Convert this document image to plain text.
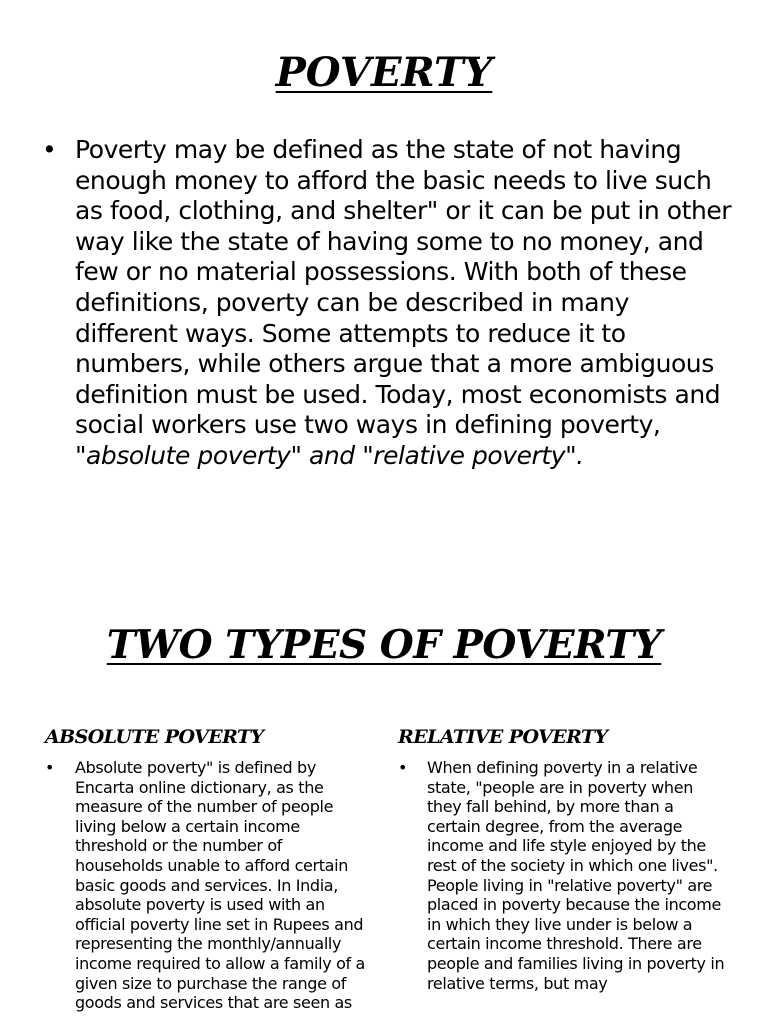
POVERTY
• Poverty may be defined as the state of not having enough money to afford the basic needs to live such as food, clothing, and shelter" or it can be put in other way like the state of having some to no money, and few or no material possessions. With both of these definitions, poverty can be described in many different ways. Some attempts to reduce it to numbers, while others argue that a more ambiguous definition must be used. Today, most economists and social workers use two ways in defining poverty, "absolute poverty" and "relative poverty".
TWO TYPES OF POVERTY
ABSOLUTE POVERTY
• Absolute poverty" is defined by Encarta online dictionary, as the measure of the number of people living below a certain income threshold or the number of households unable to afford certain basic goods and services. In India, absolute poverty is used with an official poverty line set in Rupees and representing the monthly/annually income required to allow a family of a given size to purchase the range of goods and services that are seen as
RELATIVE POVERTY
• When defining poverty in a relative state, "people are in poverty when they fall behind, by more than a certain degree, from the average income and life style enjoyed by the rest of the society in which one lives". People living in "relative poverty" are placed in poverty because the income in which they live under is below a certain income threshold. There are people and families living in poverty in relative terms, but may
